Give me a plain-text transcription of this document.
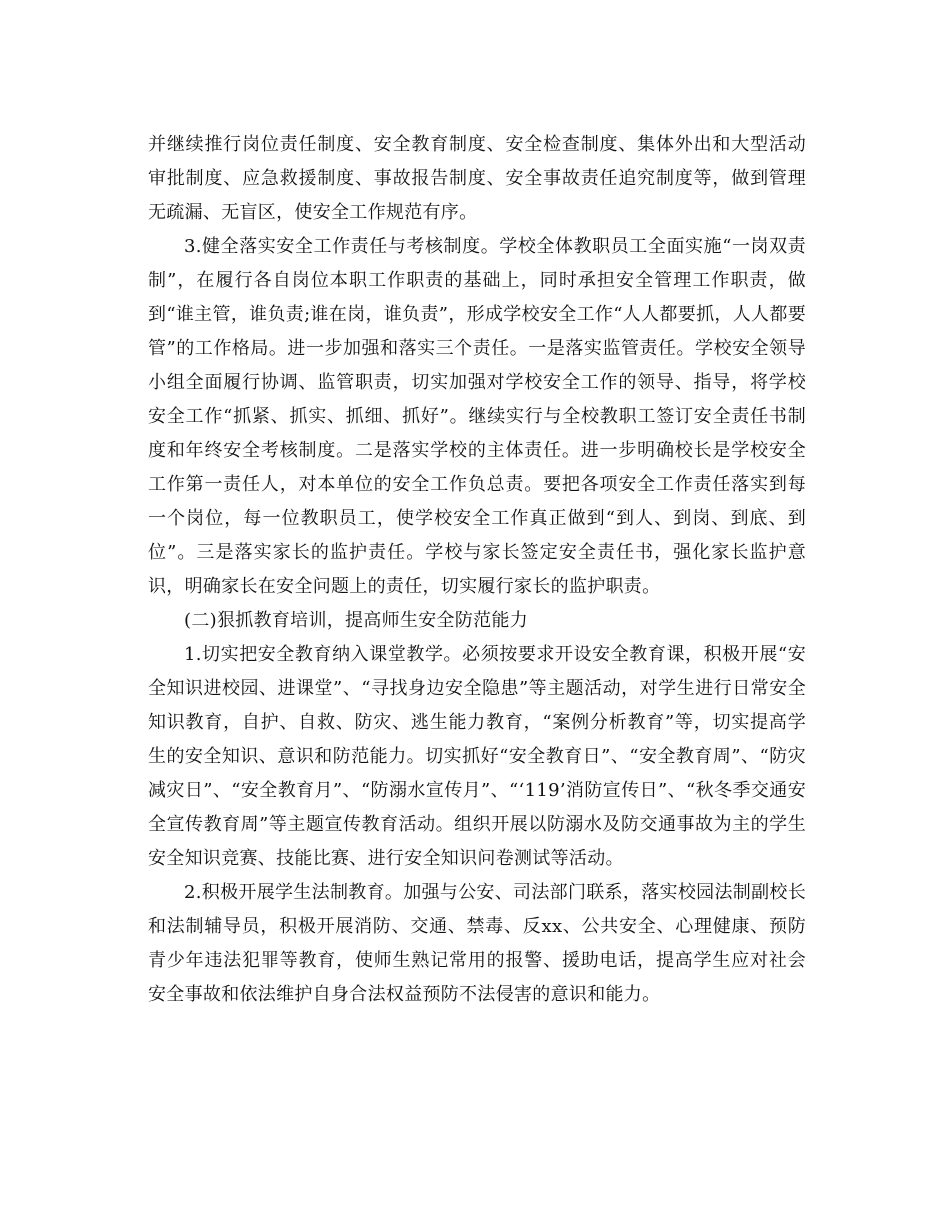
并继续推行岗位责任制度、安全教育制度、安全检查制度、集体外出和大型活动审批制度、应急救援制度、事故报告制度、安全事故责任追究制度等，做到管理无疏漏、无盲区，使安全工作规范有序。

3.健全落实安全工作责任与考核制度。学校全体教职员工全面实施“一岗双责制”，在履行各自岗位本职工作职责的基础上，同时承担安全管理工作职责，做到“谁主管，谁负责;谁在岗，谁负责”，形成学校安全工作“人人都要抓，人人都要管”的工作格局。进一步加强和落实三个责任。一是落实监管责任。学校安全领导小组全面履行协调、监管职责，切实加强对学校安全工作的领导、指导，将学校安全工作“抓紧、抓实、抓细、抓好”。继续实行与全校教职工签订安全责任书制度和年终安全考核制度。二是落实学校的主体责任。进一步明确校长是学校安全工作第一责任人，对本单位的安全工作负总责。要把各项安全工作责任落实到每一个岗位，每一位教职员工，使学校安全工作真正做到“到人、到岗、到底、到位”。三是落实家长的监护责任。学校与家长签定安全责任书，强化家长监护意识，明确家长在安全问题上的责任，切实履行家长的监护职责。

(二)狠抓教育培训，提高师生安全防范能力

1.切实把安全教育纳入课堂教学。必须按要求开设安全教育课，积极开展“安全知识进校园、进课堂”、“寻找身边安全隐患”等主题活动，对学生进行日常安全知识教育，自护、自救、防灾、逃生能力教育，“案例分析教育”等，切实提高学生的安全知识、意识和防范能力。切实抓好“安全教育日”、“安全教育周”、“防灾减灾日”、“安全教育月”、“防溺水宣传月”、“‘119’消防宣传日”、“秋冬季交通安全宣传教育周”等主题宣传教育活动。组织开展以防溺水及防交通事故为主的学生安全知识竞赛、技能比赛、进行安全知识问卷测试等活动。

2.积极开展学生法制教育。加强与公安、司法部门联系，落实校园法制副校长和法制辅导员，积极开展消防、交通、禁毒、反xx、公共安全、心理健康、预防青少年违法犯罪等教育，使师生熟记常用的报警、援助电话，提高学生应对社会安全事故和依法维护自身合法权益预防不法侵害的意识和能力。
